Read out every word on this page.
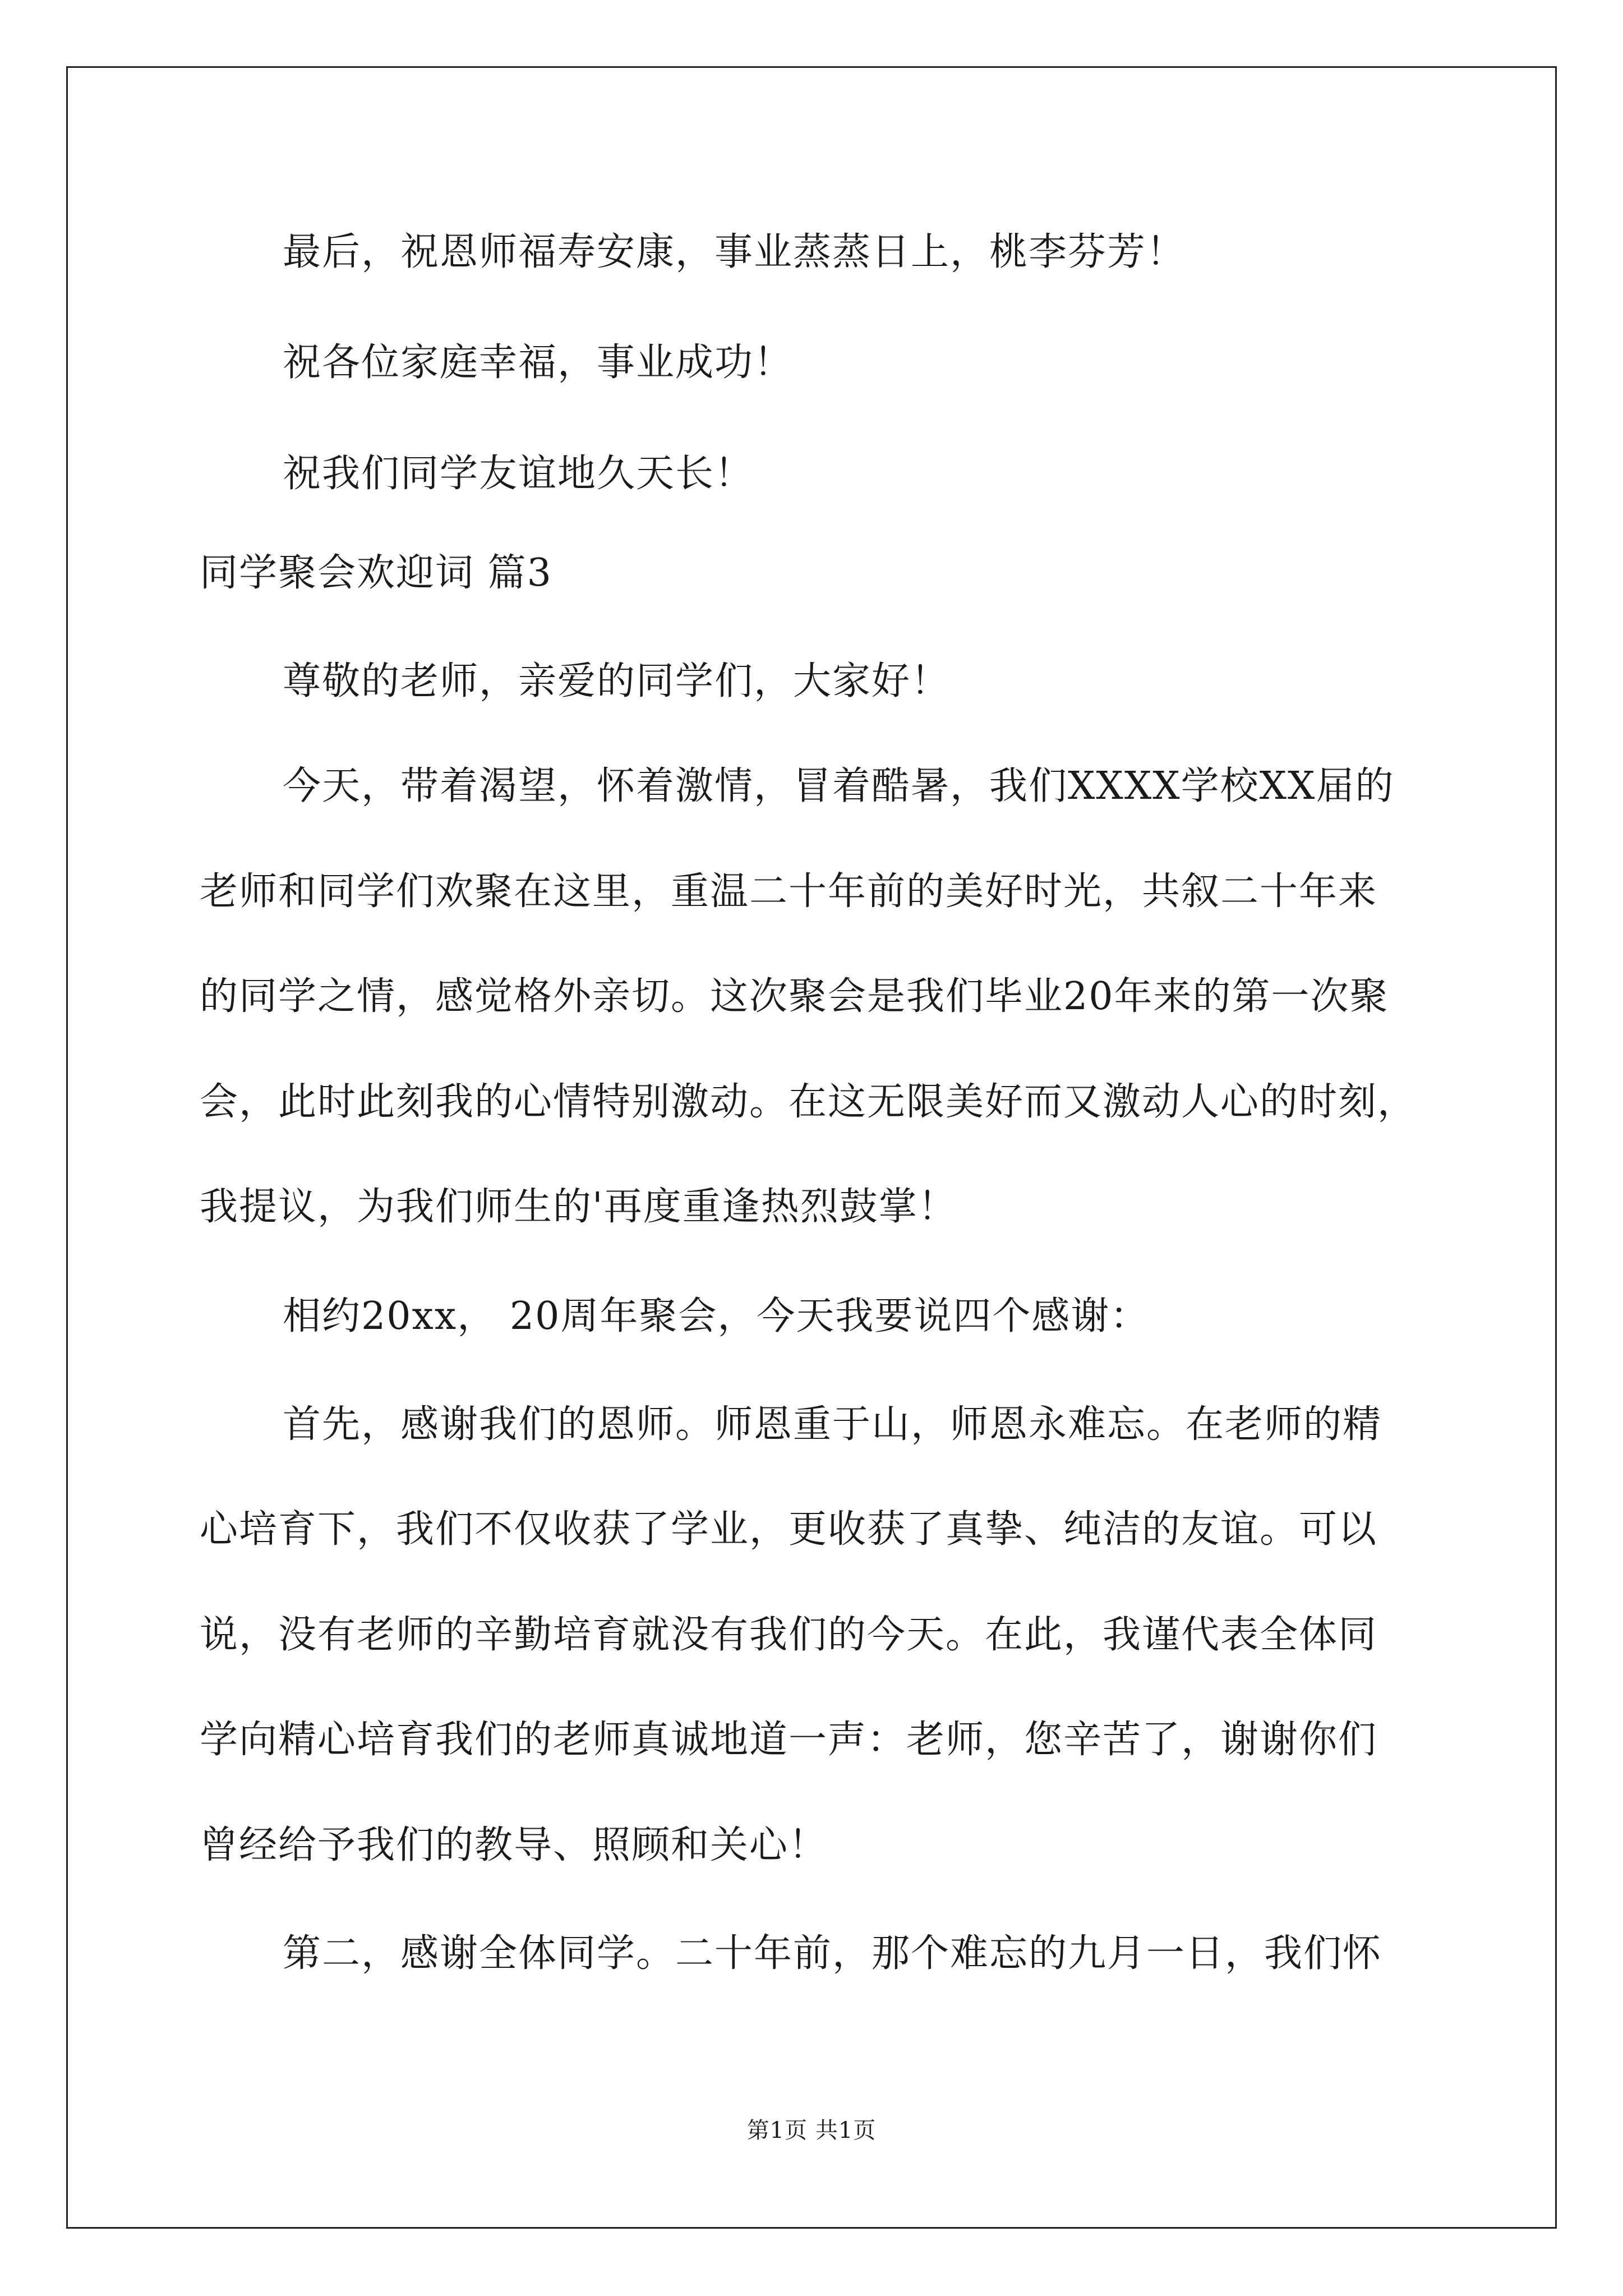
最后，祝恩师福寿安康，事业蒸蒸日上，桃李芬芳！
祝各位家庭幸福，事业成功！
祝我们同学友谊地久天长！
同学聚会欢迎词 篇3
尊敬的老师，亲爱的同学们，大家好！
今天，带着渴望，怀着激情，冒着酷暑，我们XXXX学校XX届的
老师和同学们欢聚在这里，重温二十年前的美好时光，共叙二十年来
的同学之情，感觉格外亲切。这次聚会是我们毕业20年来的第一次聚
会，此时此刻我的心情特别激动。在这无限美好而又激动人心的时刻，
我提议，为我们师生的'再度重逢热烈鼓掌！
相约20xx， 20周年聚会，今天我要说四个感谢：
首先，感谢我们的恩师。师恩重于山，师恩永难忘。在老师的精
心培育下，我们不仅收获了学业，更收获了真挚、纯洁的友谊。可以
说，没有老师的辛勤培育就没有我们的今天。在此，我谨代表全体同
学向精心培育我们的老师真诚地道一声：老师，您辛苦了，谢谢你们
曾经给予我们的教导、照顾和关心！
第二，感谢全体同学。二十年前，那个难忘的九月一日，我们怀
第1页 共1页
